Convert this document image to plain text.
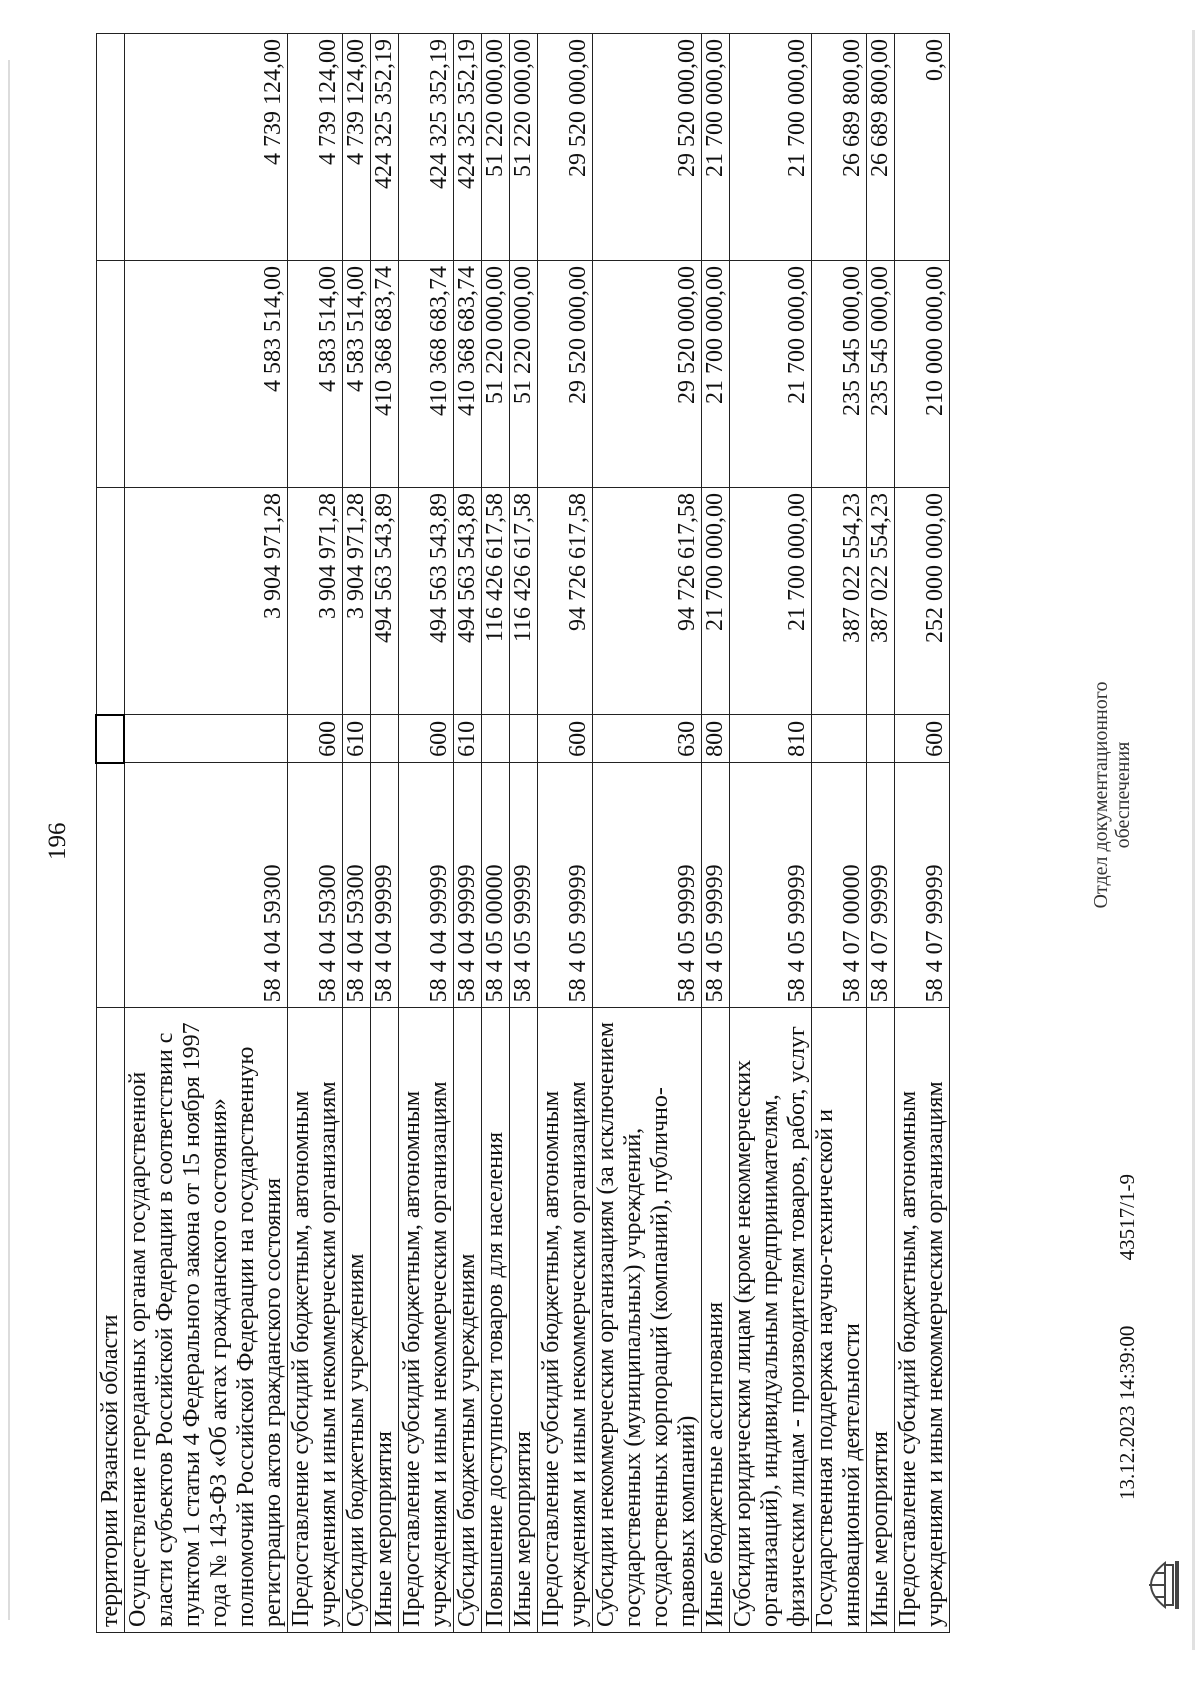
196
территории Рязанской области					
Осуществление переданных органам государственной власти субъектов Российской Федерации в соответствии с пунктом 1 статьи 4 Федерального закона от 15 ноября 1997 года № 143-ФЗ «Об актах гражданского состояния» полномочий Российской Федерации на государственную регистрацию актов гражданского состояния	58 4 04 59300		3 904 971,28	4 583 514,00	4 739 124,00
Предоставление субсидий бюджетным, автономным учреждениям и иным некоммерческим организациям	58 4 04 59300	600	3 904 971,28	4 583 514,00	4 739 124,00
Субсидии бюджетным учреждениям	58 4 04 59300	610	3 904 971,28	4 583 514,00	4 739 124,00
Иные мероприятия	58 4 04 99999		494 563 543,89	410 368 683,74	424 325 352,19
Предоставление субсидий бюджетным, автономным учреждениям и иным некоммерческим организациям	58 4 04 99999	600	494 563 543,89	410 368 683,74	424 325 352,19
Субсидии бюджетным учреждениям	58 4 04 99999	610	494 563 543,89	410 368 683,74	424 325 352,19
Повышение доступности товаров для населения	58 4 05 00000		116 426 617,58	51 220 000,00	51 220 000,00
Иные мероприятия	58 4 05 99999		116 426 617,58	51 220 000,00	51 220 000,00
Предоставление субсидий бюджетным, автономным учреждениям и иным некоммерческим организациям	58 4 05 99999	600	94 726 617,58	29 520 000,00	29 520 000,00
Субсидии некоммерческим организациям (за исключением государственных (муниципальных) учреждений, государственных корпораций (компаний), публично-правовых компаний)	58 4 05 99999	630	94 726 617,58	29 520 000,00	29 520 000,00
Иные бюджетные ассигнования	58 4 05 99999	800	21 700 000,00	21 700 000,00	21 700 000,00
Субсидии юридическим лицам (кроме некоммерческих организаций), индивидуальным предпринимателям, физическим лицам - производителям товаров, работ, услуг	58 4 05 99999	810	21 700 000,00	21 700 000,00	21 700 000,00
Государственная поддержка научно-технической и инновационной деятельности	58 4 07 00000		387 022 554,23	235 545 000,00	26 689 800,00
Иные мероприятия	58 4 07 99999		387 022 554,23	235 545 000,00	26 689 800,00
Предоставление субсидий бюджетным, автономным учреждениям и иным некоммерческим организациям	58 4 07 99999	600	252 000 000,00	210 000 000,00	0,00
13.12.2023 14:39:00 43517/1-9
Отдел документационного обеспечения
